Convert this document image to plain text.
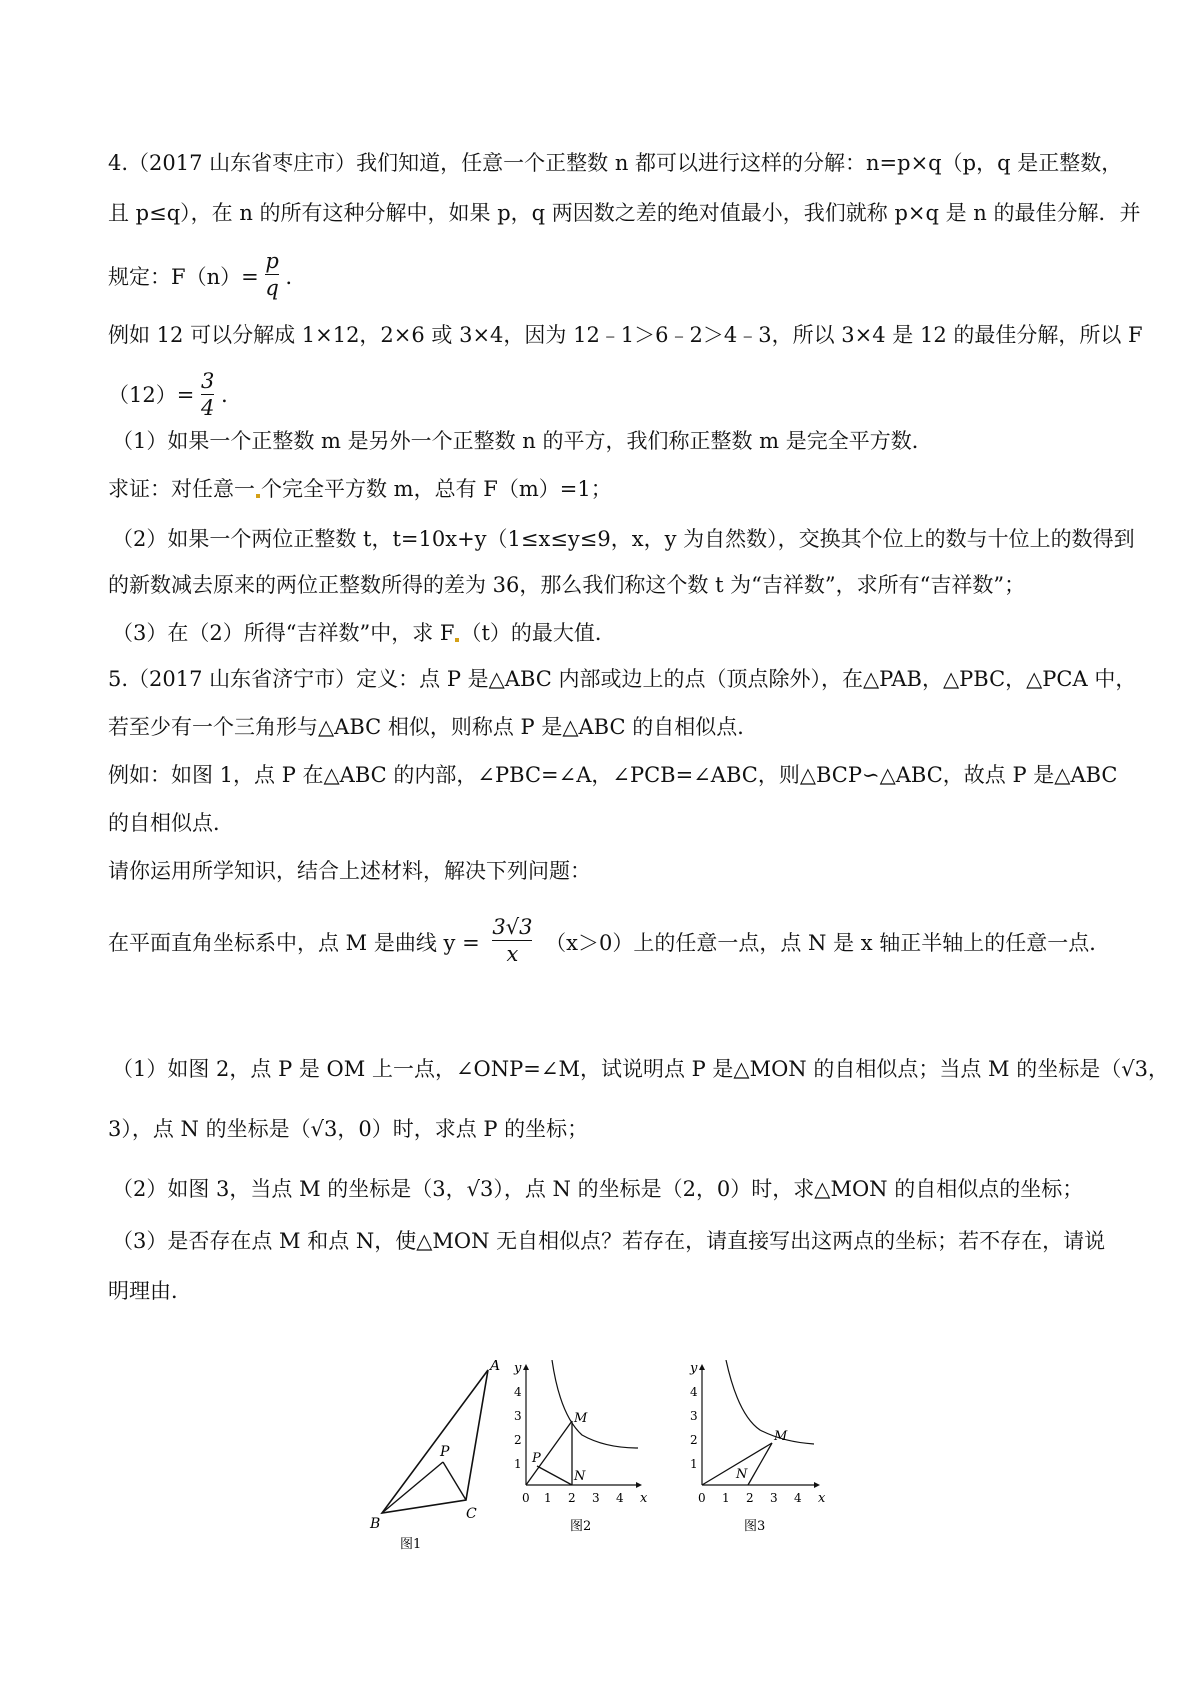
4.（2017 山东省枣庄市）我们知道，任意一个正整数 n 都可以进行这样的分解：n=p×q（p，q 是正整数，
且 p≤q），在 n 的所有这种分解中，如果 p，q 两因数之差的绝对值最小，我们就称 p×q 是 n 的最佳分解．并
规定：$F(n)= \frac{p}{q}$ ．
例如 12 可以分解成 1×12，2×6 或 3×4，因为 12﹣1＞6﹣2＞4﹣3，所以 3×4 是 12 的最佳分解，所以 F
$(12)= \frac{3}{4}$ ．
（1）如果一个正整数 m 是另外一个正整数 n 的平方，我们称正整数 m 是完全平方数．
求证：对任意一 个完全平方数 m，总有 F（m）=1；
（2）如果一个两位正整数 t，t=10x+y（1≤x≤y≤9，x，y 为自然数），交换其个位上的数与十位上的数得到
的新数减去原来的两位正整数所得的差为 36，那么我们称这个数 t 为“吉祥数”，求所有“吉祥数”；
（3）在（2）所得“吉祥数”中，求 F （t）的最大值．
5.（2017 山东省济宁市）定义：点 P 是△ABC 内部或边上的点（顶点除外），在△PAB，△PBC，△PCA 中，
若至少有一个三角形与△ABC 相似，则称点 P 是△ABC 的自相似点．
例如：如图 1，点 P 在△ABC 的内部，∠PBC=∠A，∠PCB=∠ABC，则△BCP∽△ABC，故点 P 是△ABC
的自相似点．
请你运用所学知识，结合上述材料，解决下列问题：
在平面直角坐标系中，点 M 是曲线 $y = \frac{3√3}{x} (x>0)$上的任意一点，点 N 是 x 轴正半轴上的任意一点．
（1）如图 2，点 P 是 OM 上一点，∠ONP=∠M，试说明点 P 是△MON 的自相似点；当点 M 的坐标是（√3，
3），点 N 的坐标是（√3，0）时，求点 P 的坐标；
（2）如图 3，当点 M 的坐标是（3，√3），点 N 的坐标是（2，0）时，求△MON 的自相似点的坐标；
（3）是否存在点 M 和点 N，使△MON 无自相似点？若存在，请直接写出这两点的坐标；若不存在，请说
明理由．
A
B
C
P
图1
M
P
N
y
x
0 1 2 3 4
1
2
3
4
图2
M
N
y
x
0 1 2 3 4
1
2
3
4
图3
